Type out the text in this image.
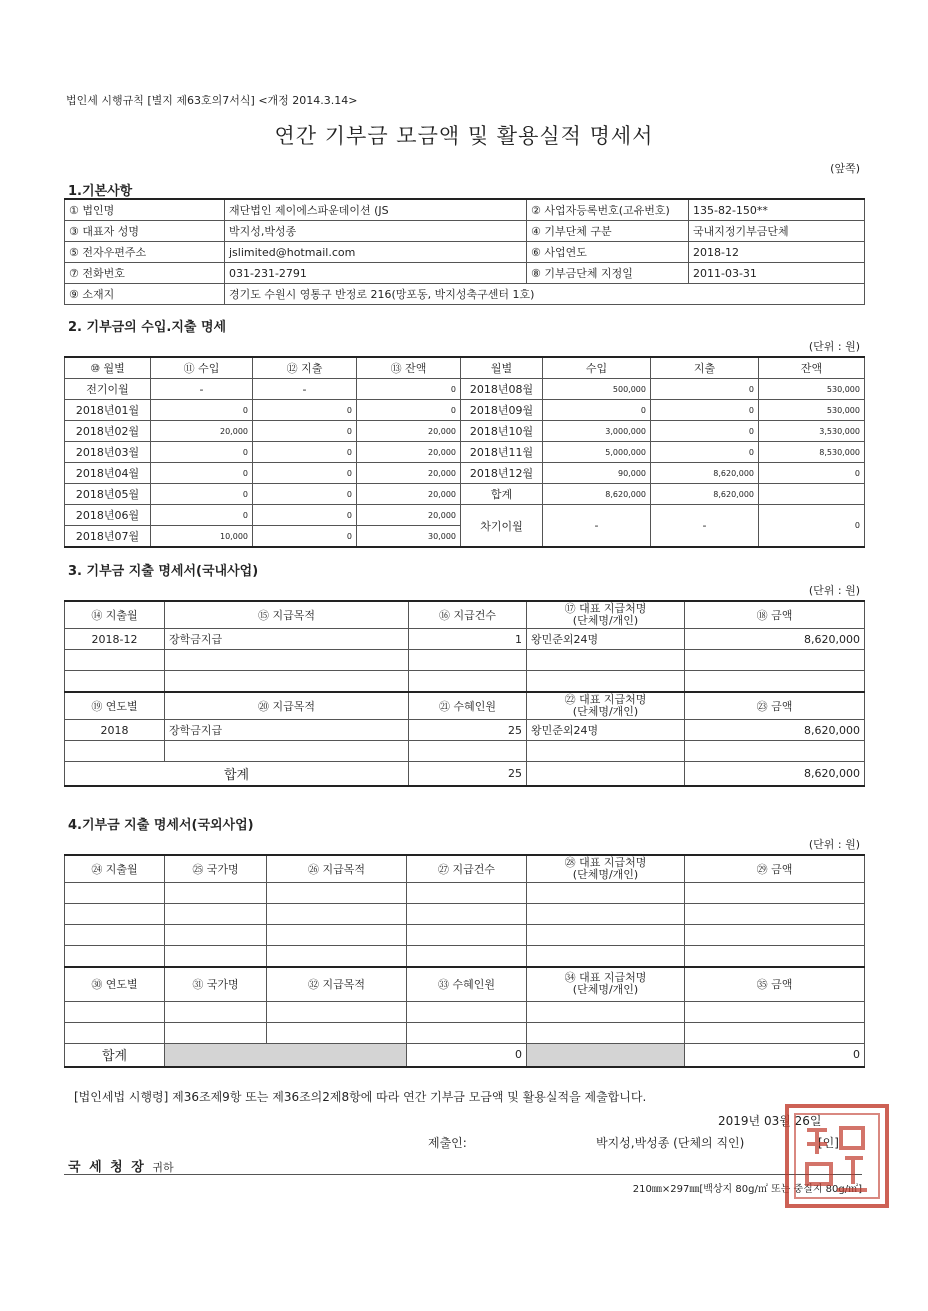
법인세 시행규칙 [별지 제63호의7서식] <개정 2014.3.14>
연간 기부금 모금액 및 활용실적 명세서
(앞쪽)
1.기본사항
① 법인명	재단법인 제이에스파운데이션 (JS	② 사업자등록번호(고유번호)	135-82-150**
③ 대표자 성명	박지성,박성종	④ 기부단체 구분	국내지정기부금단체
⑤ 전자우편주소	jslimited@hotmail.com	⑥ 사업연도	2018-12
⑦ 전화번호	031-231-2791	⑧ 기부금단체 지정일	2011-03-31
⑨ 소재지	경기도 수원시 영통구 반정로 216(망포동, 박지성축구센터 1호)		
2. 기부금의 수입.지출 명세
(단위 : 원)
⑩ 월별	⑪ 수입	⑫ 지출	⑬ 잔액	월별	수입	지출	잔액
전기이월	-	-	0	2018년08월	500,000	0	530,000
2018년01월	0	0	0	2018년09월	0	0	530,000
2018년02월	20,000	0	20,000	2018년10월	3,000,000	0	3,530,000
2018년03월	0	0	20,000	2018년11월	5,000,000	0	8,530,000
2018년04월	0	0	20,000	2018년12월	90,000	8,620,000	0
2018년05월	0	0	20,000	합계	8,620,000	8,620,000	
2018년06월	0	0	20,000	차기이월	-	-	0
2018년07월	10,000	0	30,000				
3. 기부금 지출 명세서(국내사업)
(단위 : 원)
⑭ 지출월	⑮ 지급목적	⑯ 지급건수	⑰ 대표 지급처명
(단체명/개인)	⑱ 금액
2018-12	장학금지급	1	왕민준외24명	8,620,000

⑲ 연도별	⑳ 지급목적	㉑ 수혜인원	㉒ 대표 지급처명
(단체명/개인)	㉓ 금액
2018	장학금지급	25	왕민준외24명	8,620,000

합계		25		8,620,000
4.기부금 지출 명세서(국외사업)
(단위 : 원)
㉔ 지출월	㉕ 국가명	㉖ 지급목적	㉗ 지급건수	㉘ 대표 지급처명
(단체명/개인)	㉙ 금액

㉚ 연도별	㉛ 국가명	㉜ 지급목적	㉝ 수혜인원	㉞ 대표 지급처명
(단체명/개인)	㉟ 금액

합계			0		0
[법인세법 시행령] 제36조제9항 또는 제36조의2제8항에 따라 연간 기부금 모금액 및 활용실적을 제출합니다.
2019년 03월 26일
제출인:	박지성,박성종 (단체의 직인)	[인]
국 세 청 장 귀하
210㎜×297㎜[백상지 80g/㎡ 또는 중질지 80g/㎡]
